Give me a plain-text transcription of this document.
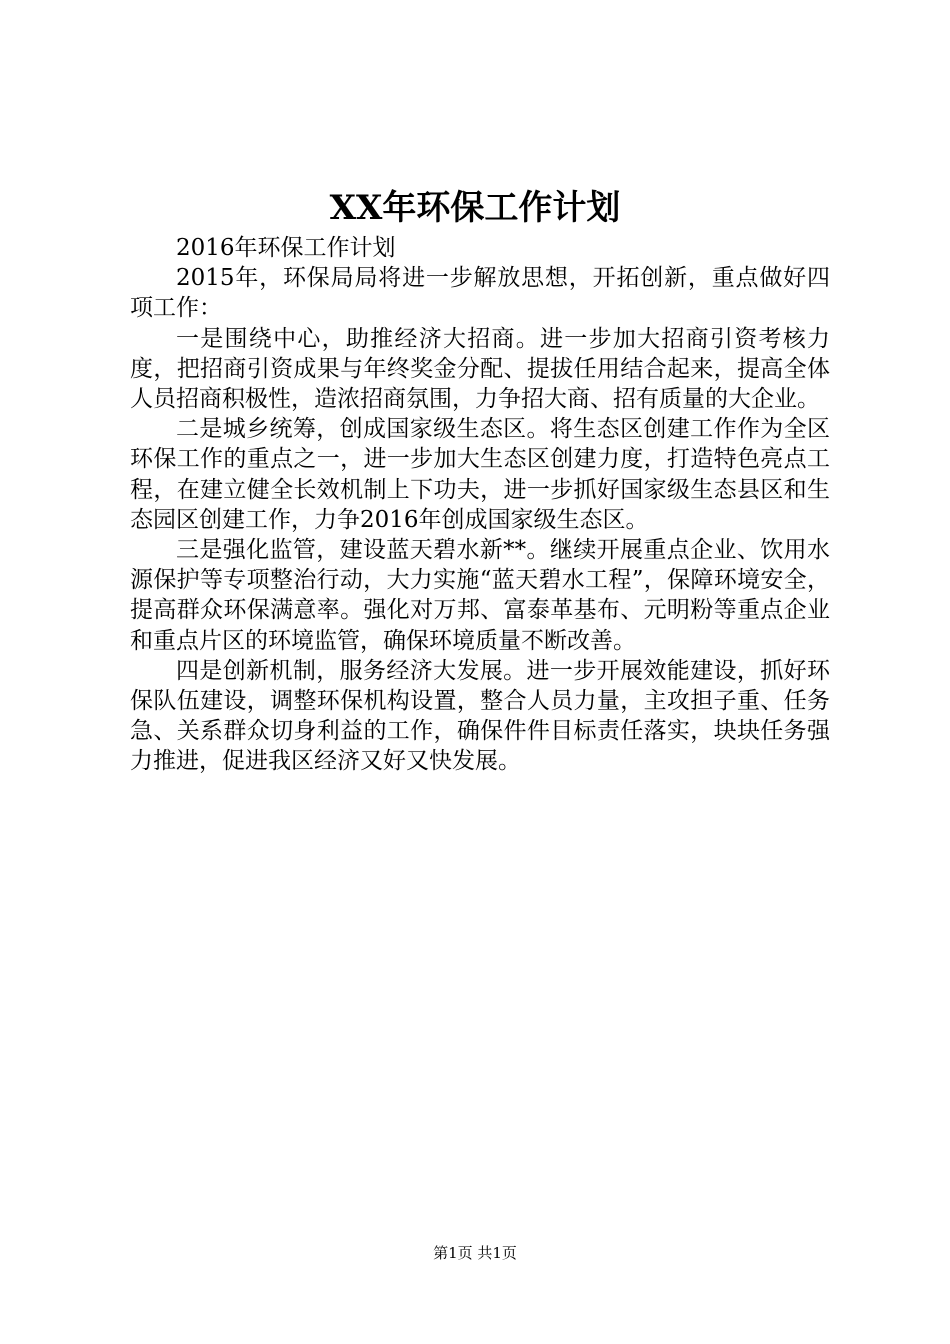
XX年环保工作计划

2016年环保工作计划

2015年，环保局局将进一步解放思想，开拓创新，重点做好四项工作：

一是围绕中心，助推经济大招商。进一步加大招商引资考核力度，把招商引资成果与年终奖金分配、提拔任用结合起来，提高全体人员招商积极性，造浓招商氛围，力争招大商、招有质量的大企业。

二是城乡统筹，创成国家级生态区。将生态区创建工作作为全区环保工作的重点之一，进一步加大生态区创建力度，打造特色亮点工程，在建立健全长效机制上下功夫，进一步抓好国家级生态县区和生态园区创建工作，力争2016年创成国家级生态区。

三是强化监管，建设蓝天碧水新**。继续开展重点企业、饮用水源保护等专项整治行动，大力实施“蓝天碧水工程”，保障环境安全，提高群众环保满意率。强化对万邦、富泰革基布、元明粉等重点企业和重点片区的环境监管，确保环境质量不断改善。

四是创新机制，服务经济大发展。进一步开展效能建设，抓好环保队伍建设，调整环保机构设置，整合人员力量，主攻担子重、任务急、关系群众切身利益的工作，确保件件目标责任落实，块块任务强力推进，促进我区经济又好又快发展。

第1页 共1页
